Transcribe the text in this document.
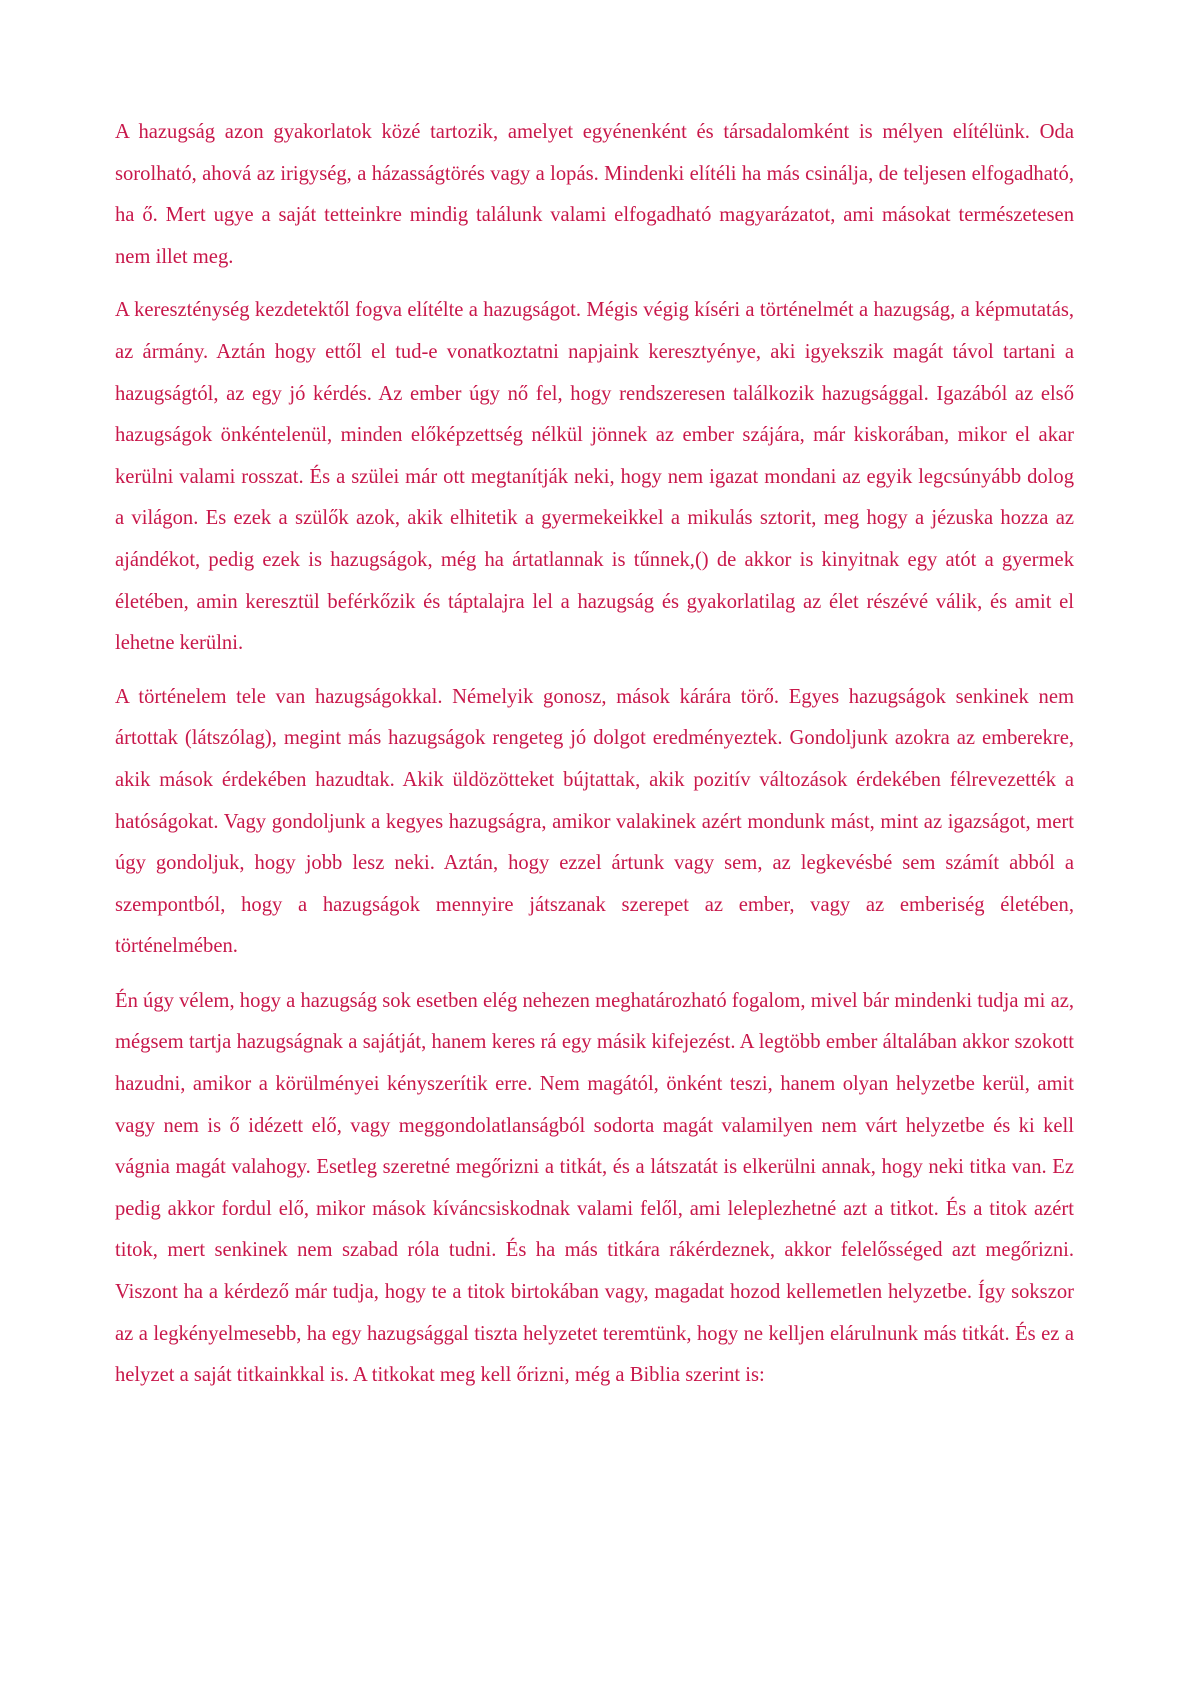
A hazugság azon gyakorlatok közé tartozik, amelyet egyénenként és társadalomként is mélyen elítélünk. Oda sorolható, ahová az irigység, a házasságtörés vagy a lopás. Mindenki elítéli ha más csinálja, de teljesen elfogadható, ha ő. Mert ugye a saját tetteinkre mindig találunk valami elfogadható magyarázatot, ami másokat természetesen nem illet meg.

A kereszténység kezdetektől fogva elítélte a hazugságot. Mégis végig kíséri a történelmét a hazugság, a képmutatás, az ármány. Aztán hogy ettől el tud-e vonatkoztatni napjaink keresztyénye, aki igyekszik magát távol tartani a hazugságtól, az egy jó kérdés. Az ember úgy nő fel, hogy rendszeresen találkozik hazugsággal. Igazából az első hazugságok önkéntelenül, minden előképzettség nélkül jönnek az ember szájára, már kiskorában, mikor el akar kerülni valami rosszat. És a szülei már ott megtanítják neki, hogy nem igazat mondani az egyik legcsúnyább dolog a világon. Es ezek a szülők azok, akik elhitetik a gyermekeikkel a mikulás sztorit, meg hogy a jézuska hozza az ajándékot, pedig ezek is hazugságok, még ha ártatlannak is tűnnek,() de akkor is kinyitnak egy atót a gyermek életében, amin keresztül beférkőzik és táptalajra lel a hazugság és gyakorlatilag az élet részévé válik, és amit el lehetne kerülni.

A történelem tele van hazugságokkal. Némelyik gonosz, mások kárára törő. Egyes hazugságok senkinek nem ártottak (látszólag), megint más hazugságok rengeteg jó dolgot eredményeztek. Gondoljunk azokra az emberekre, akik mások érdekében hazudtak. Akik üldözötteket bújtattak, akik pozitív változások érdekében félrevezették a hatóságokat. Vagy gondoljunk a kegyes hazugságra, amikor valakinek azért mondunk mást, mint az igazságot, mert úgy gondoljuk, hogy jobb lesz neki. Aztán, hogy ezzel ártunk vagy sem, az legkevésbé sem számít abból a szempontból, hogy a hazugságok mennyire játszanak szerepet az ember, vagy az emberiség életében, történelmében.

Én úgy vélem, hogy a hazugság sok esetben elég nehezen meghatározható fogalom, mivel bár mindenki tudja mi az, mégsem tartja hazugságnak a sajátját, hanem keres rá egy másik kifejezést. A legtöbb ember általában akkor szokott hazudni, amikor a körülményei kényszerítik erre. Nem magától, önként teszi, hanem olyan helyzetbe kerül, amit vagy nem is ő idézett elő, vagy meggondolatlanságból sodorta magát valamilyen nem várt helyzetbe és ki kell vágnia magát valahogy. Esetleg szeretné megőrizni a titkát, és a látszatát is elkerülni annak, hogy neki titka van. Ez pedig akkor fordul elő, mikor mások kíváncsiskodnak valami felől, ami leleplezhetné azt a titkot. És a titok azért titok, mert senkinek nem szabad róla tudni. És ha más titkára rákérdeznek, akkor felelősséged azt megőrizni. Viszont ha a kérdező már tudja, hogy te a titok birtokában vagy, magadat hozod kellemetlen helyzetbe. Így sokszor az a legkényelmesebb, ha egy hazugsággal tiszta helyzetet teremtünk, hogy ne kelljen elárulnunk más titkát. És ez a helyzet a saját titkainkkal is. A titkokat meg kell őrizni, még a Biblia szerint is:
